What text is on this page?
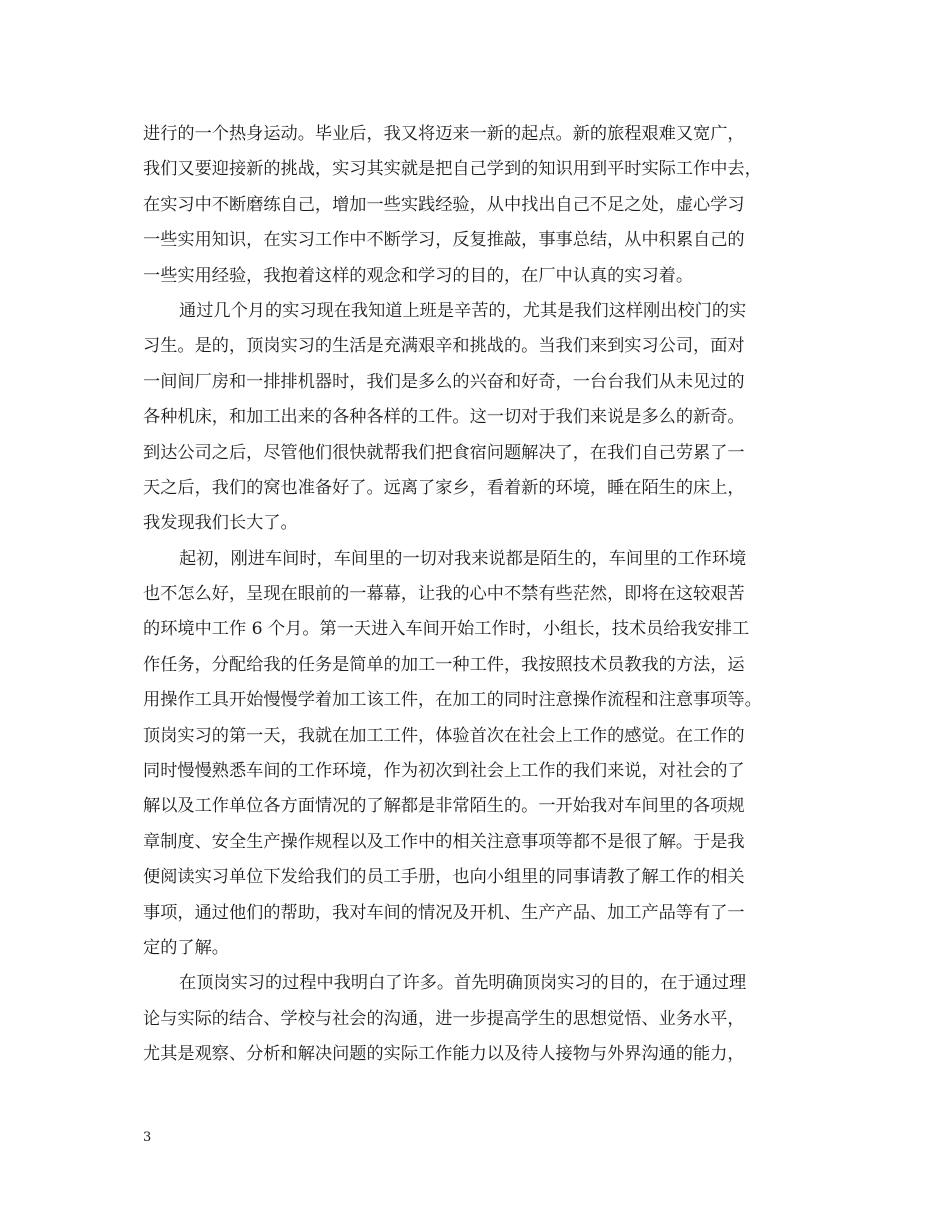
进行的一个热身运动。毕业后，我又将迈来一新的起点。新的旅程艰难又宽广，
我们又要迎接新的挑战，实习其实就是把自己学到的知识用到平时实际工作中去，
在实习中不断磨练自己，增加一些实践经验，从中找出自己不足之处，虚心学习
一些实用知识，在实习工作中不断学习，反复推敲，事事总结，从中积累自己的
一些实用经验，我抱着这样的观念和学习的目的，在厂中认真的实习着。
通过几个月的实习现在我知道上班是辛苦的，尤其是我们这样刚出校门的实
习生。是的，顶岗实习的生活是充满艰辛和挑战的。当我们来到实习公司，面对
一间间厂房和一排排机器时，我们是多么的兴奋和好奇，一台台我们从未见过的
各种机床，和加工出来的各种各样的工件。这一切对于我们来说是多么的新奇。
到达公司之后，尽管他们很快就帮我们把食宿问题解决了，在我们自己劳累了一
天之后，我们的窝也准备好了。远离了家乡，看着新的环境，睡在陌生的床上，
我发现我们长大了。
起初，刚进车间时，车间里的一切对我来说都是陌生的，车间里的工作环境
也不怎么好，呈现在眼前的一幕幕，让我的心中不禁有些茫然，即将在这较艰苦
的环境中工作 6 个月。第一天进入车间开始工作时，小组长，技术员给我安排工
作任务，分配给我的任务是简单的加工一种工件，我按照技术员教我的方法，运
用操作工具开始慢慢学着加工该工件，在加工的同时注意操作流程和注意事项等。
顶岗实习的第一天，我就在加工工件，体验首次在社会上工作的感觉。在工作的
同时慢慢熟悉车间的工作环境，作为初次到社会上工作的我们来说，对社会的了
解以及工作单位各方面情况的了解都是非常陌生的。一开始我对车间里的各项规
章制度、安全生产操作规程以及工作中的相关注意事项等都不是很了解。于是我
便阅读实习单位下发给我们的员工手册，也向小组里的同事请教了解工作的相关
事项，通过他们的帮助，我对车间的情况及开机、生产产品、加工产品等有了一
定的了解。
在顶岗实习的过程中我明白了许多。首先明确顶岗实习的目的，在于通过理
论与实际的结合、学校与社会的沟通，进一步提高学生的思想觉悟、业务水平，
尤其是观察、分析和解决问题的实际工作能力以及待人接物与外界沟通的能力，
3
